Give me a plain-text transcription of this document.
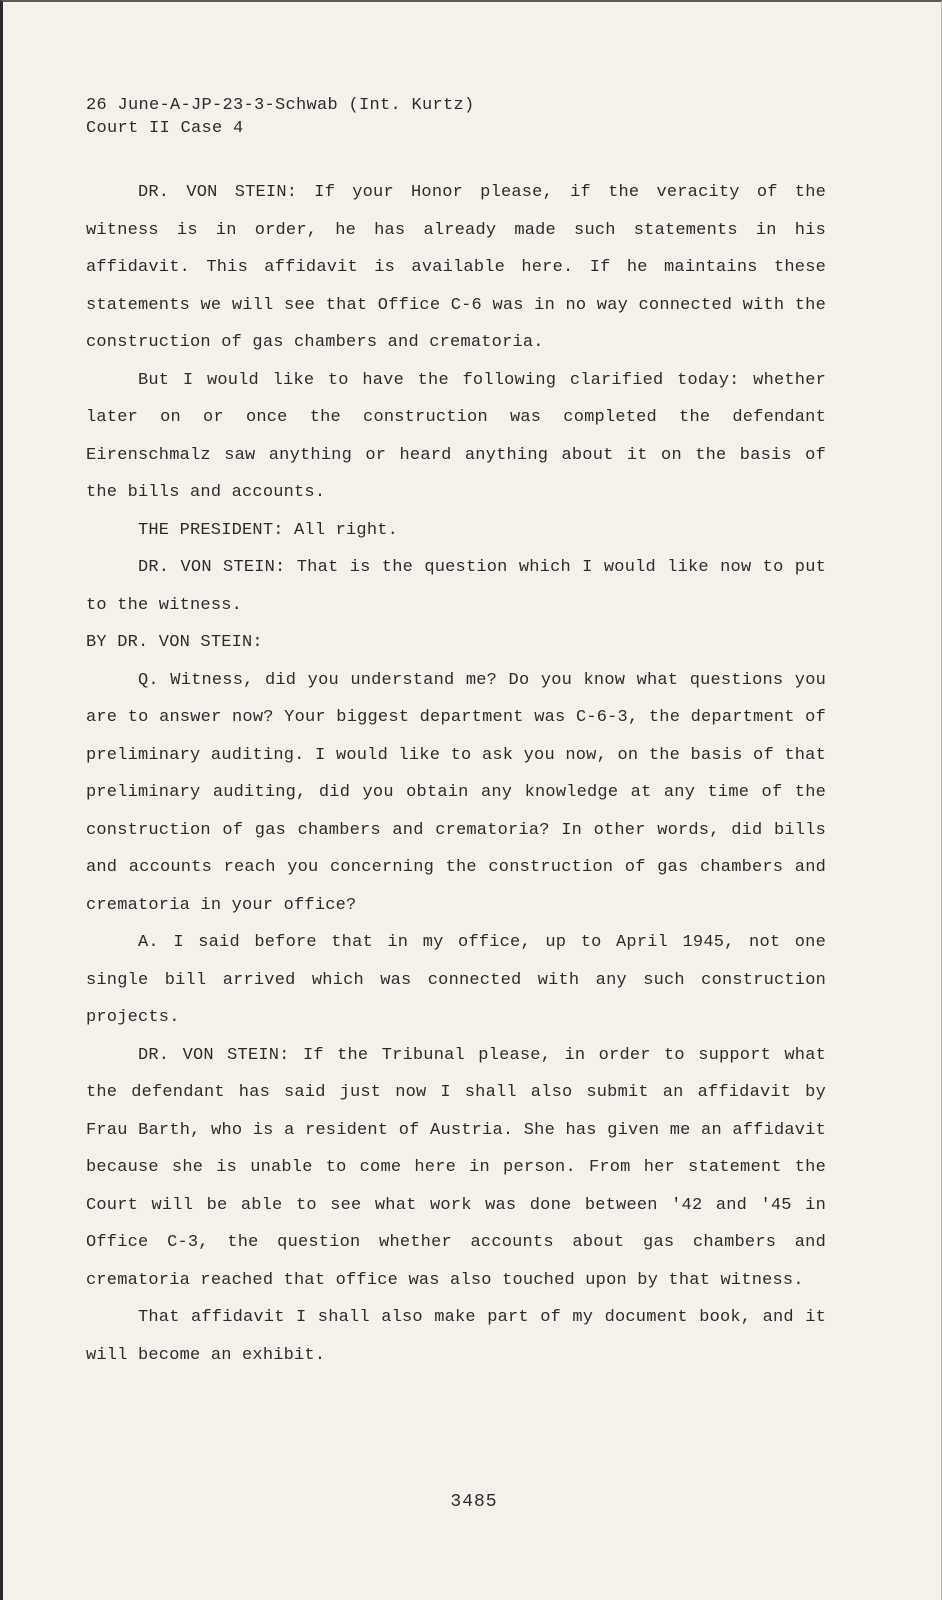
26 June-A-JP-23-3-Schwab (Int. Kurtz)
Court II Case 4

DR. VON STEIN: If your Honor please, if the veracity of the witness is in order, he has already made such statements in his affidavit. This affidavit is available here. If he maintains these statements we will see that Office C-6 was in no way connected with the construction of gas chambers and crematoria.

But I would like to have the following clarified today: whether later on or once the construction was completed the defendant Eirenschmalz saw anything or heard anything about it on the basis of the bills and accounts.

THE PRESIDENT: All right.

DR. VON STEIN: That is the question which I would like now to put to the witness.

BY DR. VON STEIN:

Q. Witness, did you understand me? Do you know what questions you are to answer now? Your biggest department was C-6-3, the department of preliminary auditing. I would like to ask you now, on the basis of that preliminary auditing, did you obtain any knowledge at any time of the construction of gas chambers and crematoria? In other words, did bills and accounts reach you concerning the construction of gas chambers and crematoria in your office?

A. I said before that in my office, up to April 1945, not one single bill arrived which was connected with any such construction projects.

DR. VON STEIN: If the Tribunal please, in order to support what the defendant has said just now I shall also submit an affidavit by Frau Barth, who is a resident of Austria. She has given me an affidavit because she is unable to come here in person. From her statement the Court will be able to see what work was done between '42 and '45 in Office C-3, the question whether accounts about gas chambers and crematoria reached that office was also touched upon by that witness.

That affidavit I shall also make part of my document book, and it will become an exhibit.

3485
